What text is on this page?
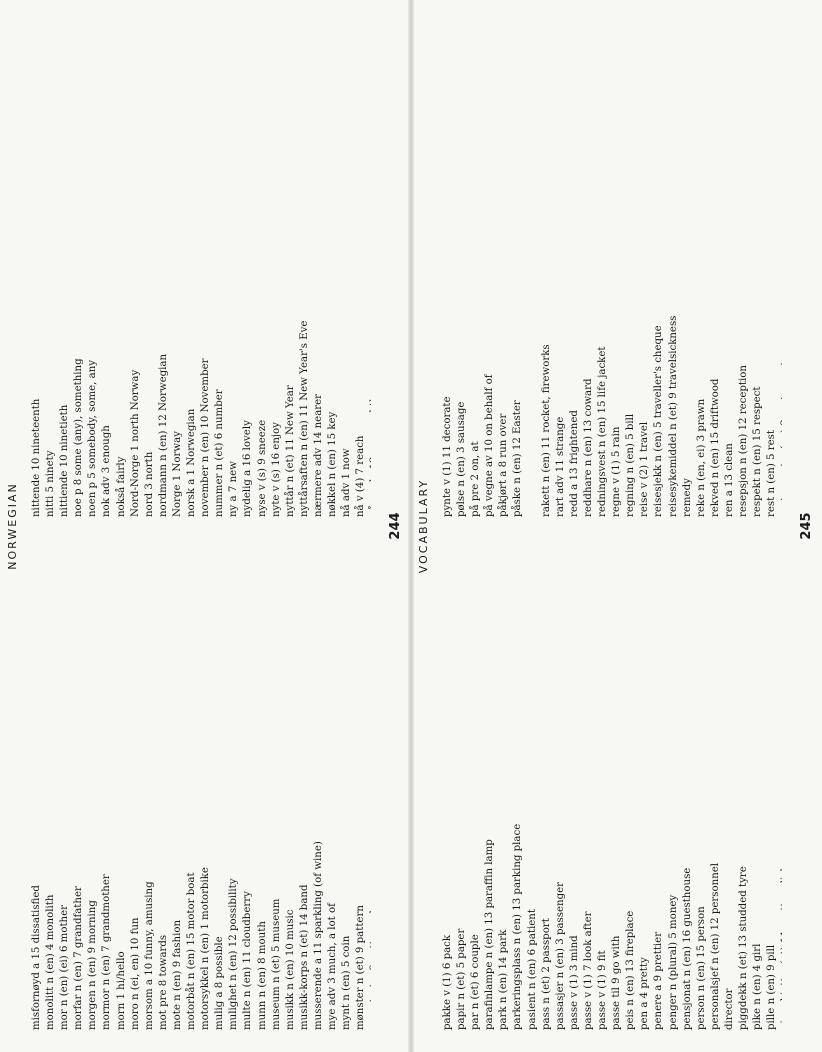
NORWEGIAN
misfornøyd a 15 dissatisfied monolitt n (en) 4 monolith mor n (en) (ei) 6 mother morfar n (en) 7 grandfather morgen n (en) 9 morning mormor n (en) 7 grandmother morn 1 hi/hello moro n (ei, en) 10 fun morsom a 10 funny, amusing mot pre 8 towards mote n (en) 9 fashion motorbåt n (en) 15 motor boat motorsykkel n (en) 1 motorbike mulig a 8 possible mulighet n (en) 12 possibility multe n (en) 11 cloudberry munn n (en) 8 mouth museum n (et) 5 museum musikk n (en) 10 music musikk-korps n (et) 14 band musserende a 11 sparkling (of wine) mye adv 3 much, a lot of mynt n (en) 5 coin mønster n (et) 9 pattern

nittende 10 nineteenth nitti 5 ninety nittiende 10 ninetieth noe p 8 some (any), something noen p 5 somebody, some, any nok adv 3 enough nokså fairly Nord-Norge 1 north Norway nord 3 north nordmann n (en) 12 Norwegian Norge 1 Norway norsk a 1 Norwegian november n (en) 10 November nummer n (et) 6 number ny a 7 new nydelig a 16 lovely nyse v (s) 9 sneeze nyte v (s) 16 enjoy nyttår n (et) 11 New Year nyttårsaften n (en) 11 New Year's Eve nærmere adv 14 nearer nøkkel n (en) 15 key nå adv 1 now nå v (4) 7 reach

244 VOCABULARY
pakke v (1) 6 pack papir n (et) 5 paper par n (et) 6 couple parafinlampe n (en) 13 paraffin lamp park n (en) 14 park parkeringsplass n (en) 13 parking place pasient n (en) 6 patient pass n (et) 2 passport passasjer n (en) 3 passenger passe v (1) 3 mind passe v (1) 7 look after passe v (1) 9 fit passe til 9 go with peis n (en) 13 fireplace pen a 4 pretty penere a 9 prettier penger n (plural) 5 money pensjonat n (en) 16 guesthouse person n (en) 15 person personalsjef n (en) 12 personnel director piggdekk n (et) 13 studded tyre pike n (en) 4 girl pille n (en) 9 pill
pynte v (1) 11 decorate pølse n (en) 3 sausage på pre 2 on, at på vegne av 10 on behalf of påkjørt a 8 run over påske n (en) 12 Easter
rakett n (en) 11 rocket, fireworks rart adv 11 strange redd a 13 frightened reddhare n (en) 13 coward redningsvest n (en) 15 life jacket regne v (1) 5 rain regning n (en) 5 bill reise v (2) 1 travel reisesjekk n (en) 5 traveller's cheque reisesykemiddel n (et) 9 travelsickness remedy reke n (en, ei) 3 prawn rekved n (en) 15 driftwood ren a 13 clean resepsjon n (en) 12 reception respekt n (en) 15 respect rest n (en) 5 rest

245
